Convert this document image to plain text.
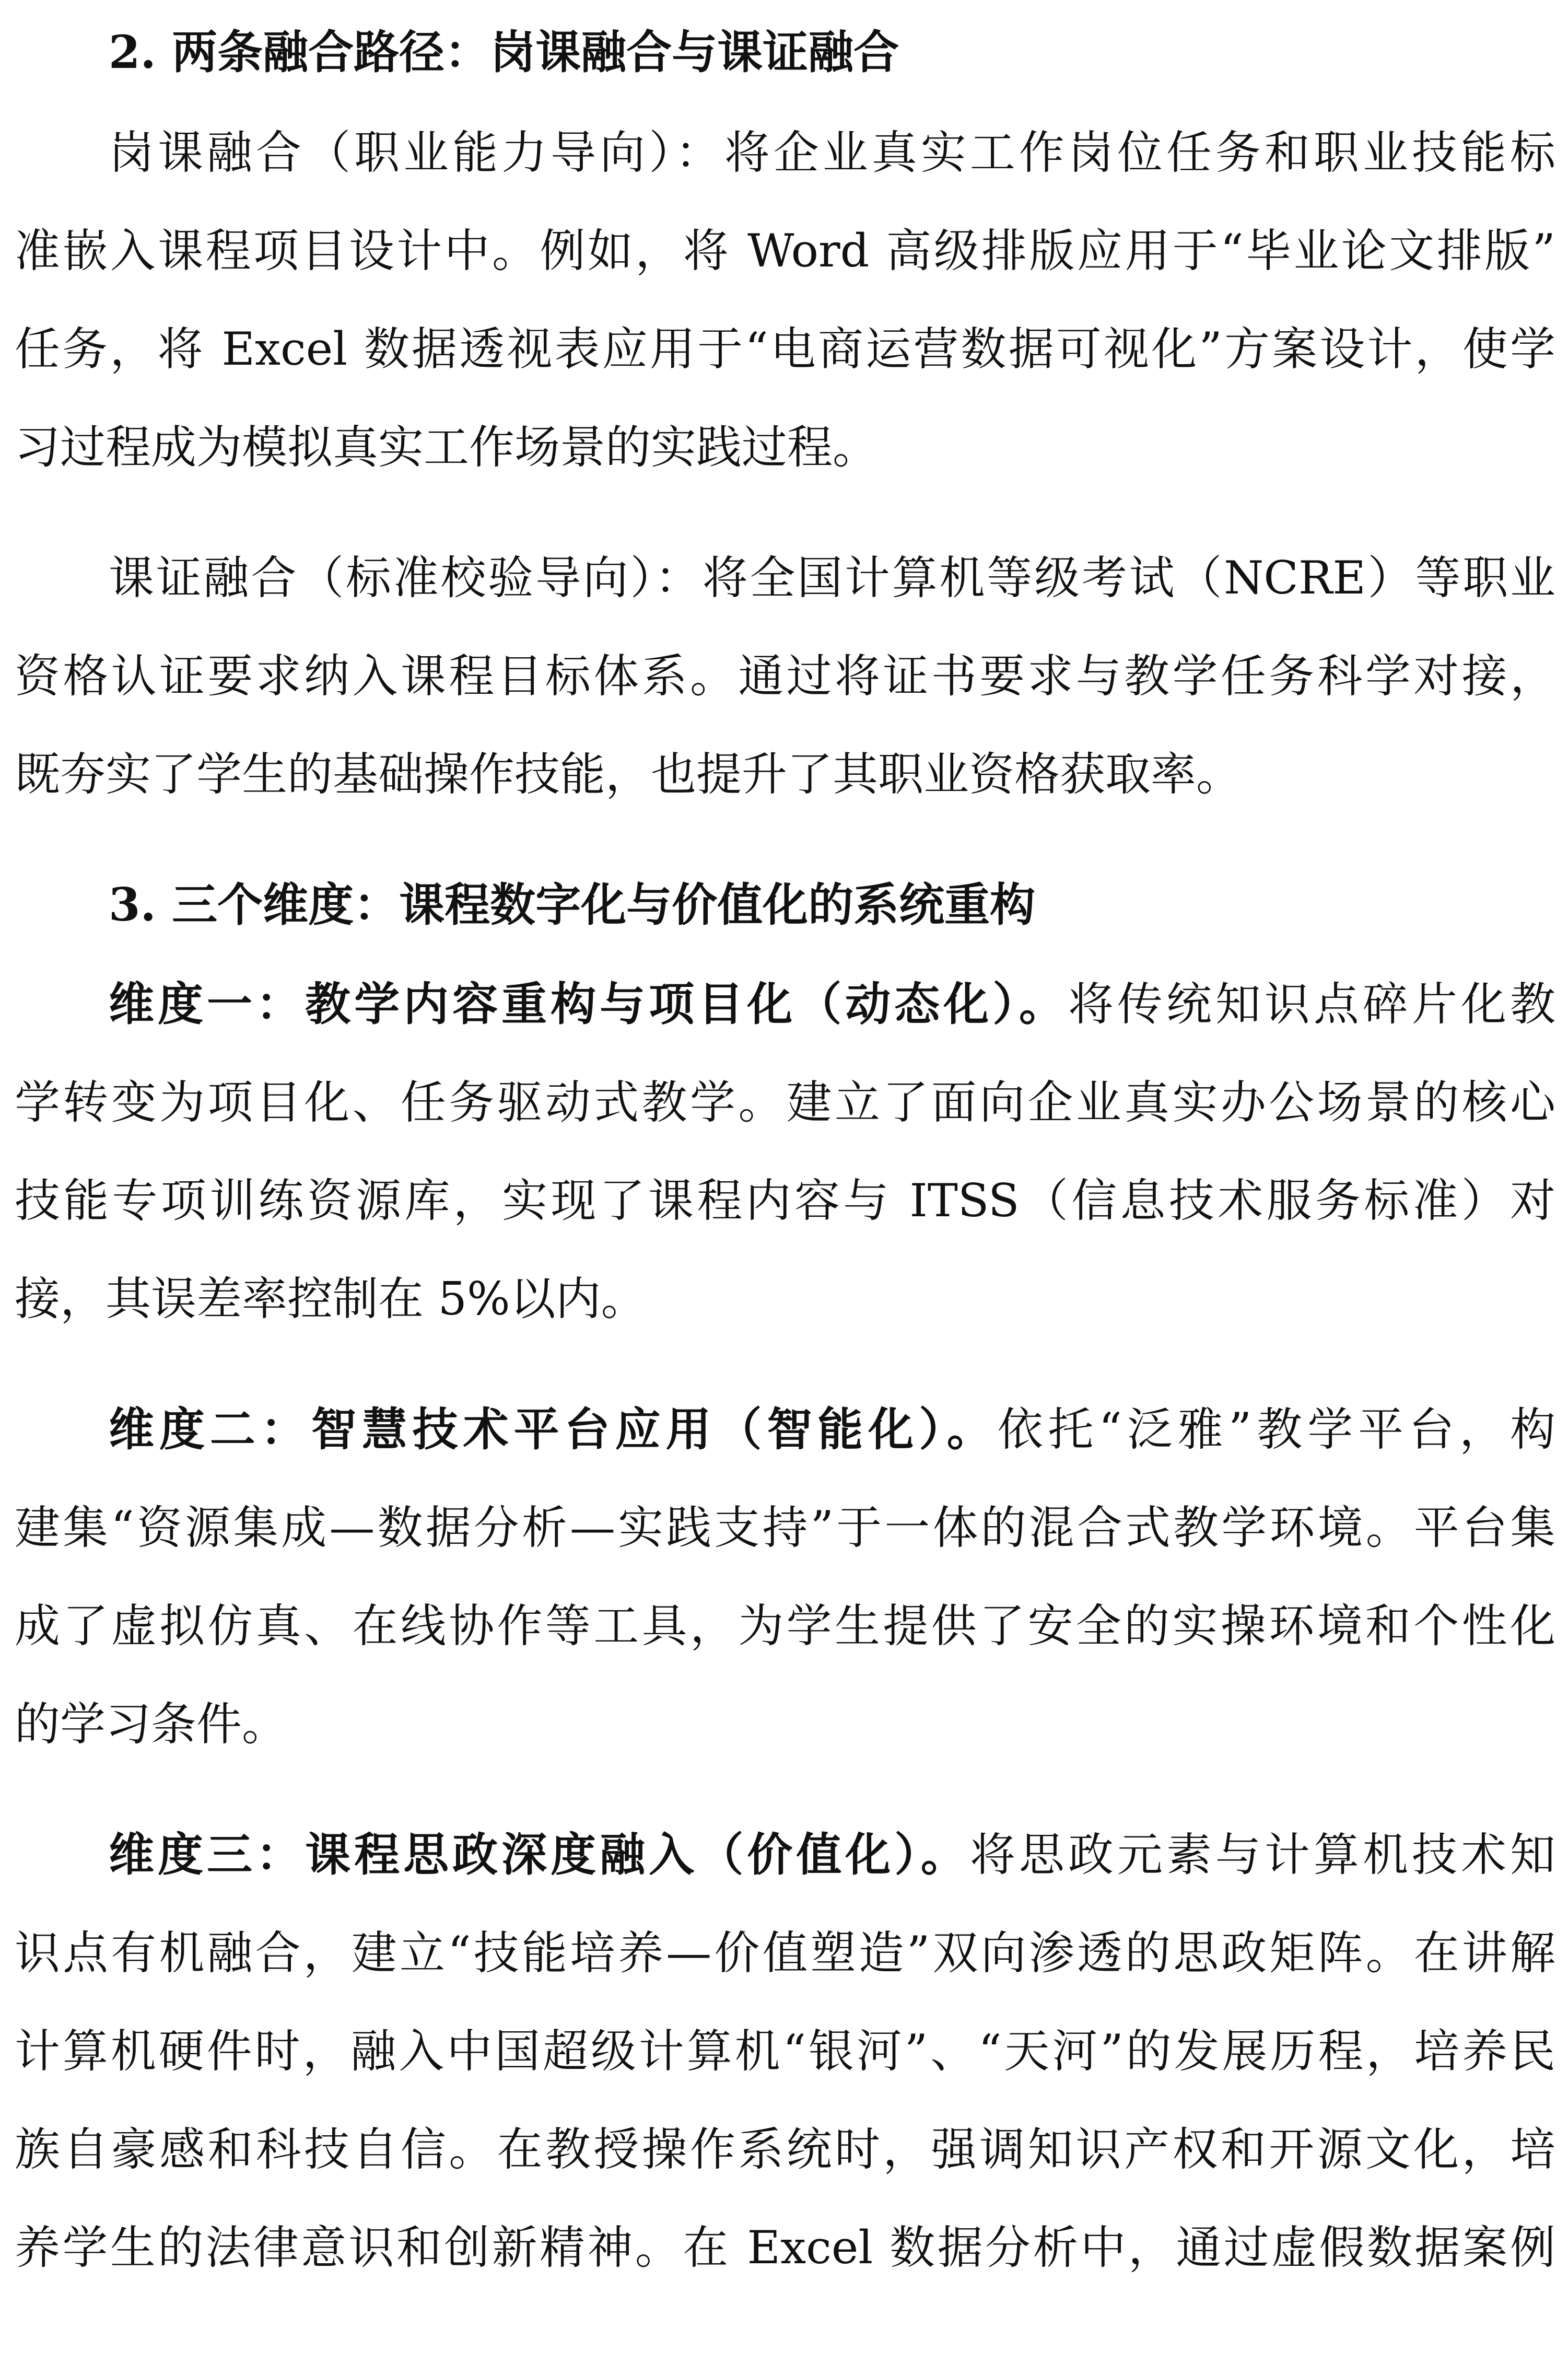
2. 两条融合路径：岗课融合与课证融合
岗课融合（职业能力导向）：将企业真实工作岗位任务和职业技能标
准嵌入课程项目设计中。例如，将 Word 高级排版应用于“毕业论文排版”
任务，将 Excel 数据透视表应用于“电商运营数据可视化”方案设计，使学
习过程成为模拟真实工作场景的实践过程。
课证融合（标准校验导向）：将全国计算机等级考试（NCRE）等职业
资格认证要求纳入课程目标体系。通过将证书要求与教学任务科学对接，
既夯实了学生的基础操作技能，也提升了其职业资格获取率。
3. 三个维度：课程数字化与价值化的系统重构
维度一：教学内容重构与项目化（动态化）。将传统知识点碎片化教
学转变为项目化、任务驱动式教学。建立了面向企业真实办公场景的核心
技能专项训练资源库，实现了课程内容与 ITSS（信息技术服务标准）对
接，其误差率控制在 5%以内。
维度二：智慧技术平台应用（智能化）。依托“泛雅”教学平台，构
建集“资源集成—数据分析—实践支持”于一体的混合式教学环境。平台集
成了虚拟仿真、在线协作等工具，为学生提供了安全的实操环境和个性化
的学习条件。
维度三：课程思政深度融入（价值化）。将思政元素与计算机技术知
识点有机融合，建立“技能培养—价值塑造”双向渗透的思政矩阵。在讲解
计算机硬件时，融入中国超级计算机“银河”、“天河”的发展历程，培养民
族自豪感和科技自信。在教授操作系统时，强调知识产权和开源文化，培
养学生的法律意识和创新精神。在 Excel 数据分析中，通过虚假数据案例
